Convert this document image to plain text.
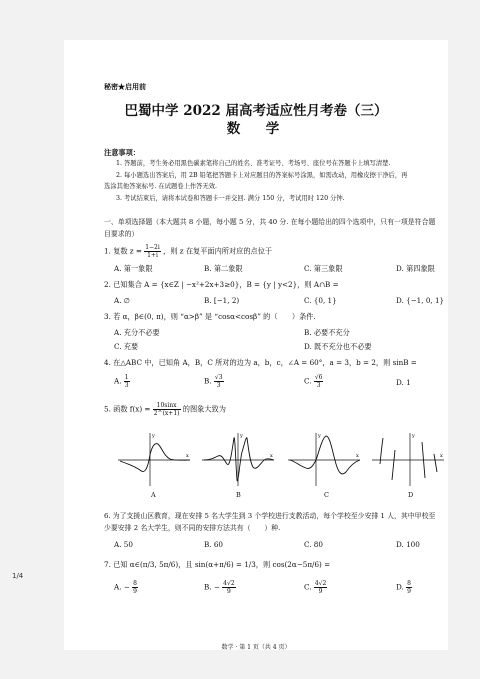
秘密★启用前
巴蜀中学 2022 届高考适应性月考卷（三）
数　学
注意事项：
1. 答题前，考生务必用黑色碳素笔将自己的姓名、准考证号、考场号、座位号在答题卡上填写清楚.
2. 每小题选出答案后，用 2B 铅笔把答题卡上对应题目的答案标号涂黑，如需改动，用橡皮擦干净后，再
选涂其他答案标号. 在试题卷上作答无效.
3. 考试结束后，请将本试卷和答题卡一并交回. 满分 150 分，考试用时 120 分钟.
一、单项选择题（本大题共 8 小题，每小题 5 分，共 40 分. 在每小题给出的四个选项中，只有一项是符合题
目要求的）
1. 复数 $z = \frac{1-2i}{1+i}$ ，则 z 在复平面内所对应的点位于
A. 第一象限	B. 第二象限	C. 第三象限	D. 第四象限
2. 已知集合 A = {x∈Z | −x²+2x+3≥0}，B = {y | y<2}，则 A∩B =
A. ∅	B. [−1, 2)	C. {0, 1}	D. {−1, 0, 1}
3. 若 α，β∈(0, π)，则 “α>β” 是 “cosα<cosβ” 的（　　）条件.
A. 充分不必要	B. 必要不充分
C. 充要	D. 既不充分也不必要
4. 在△ABC 中，已知角 A，B，C 所对的边为 a，b，c，∠A = 60°，a = 3，b = 2，则 sinB =
A. $\frac{1}{3}$	B. $\frac{√3}{3}$	C. $\frac{√6}{3}$	D. 1
5. 函数 $f(x) = \frac{10\sin x}{2\^{}(x+1)}$ 的图象大致为
x
y
A
x
y
B
x
y
C
x
y
D
6. 为了支援山区教育，现在安排 5 名大学生到 3 个学校进行支教活动，每个学校至少安排 1 人，其中甲校至
少要安排 2 名大学生，则不同的安排方法共有（　　）种.
A. 50	B. 60	C. 80	D. 100
7. 已知 α∈(π/3, 5π/6)，且 sin(α+π/6) = 1/3，则 cos(2α−5π/6) =
A. − $\frac{8}{9}$	B. − $\frac{4√2}{9}$	C. $\frac{4√2}{9}$	D. $\frac{8}{9}$
数学 · 第 1 页（共 4 页）
1/4
